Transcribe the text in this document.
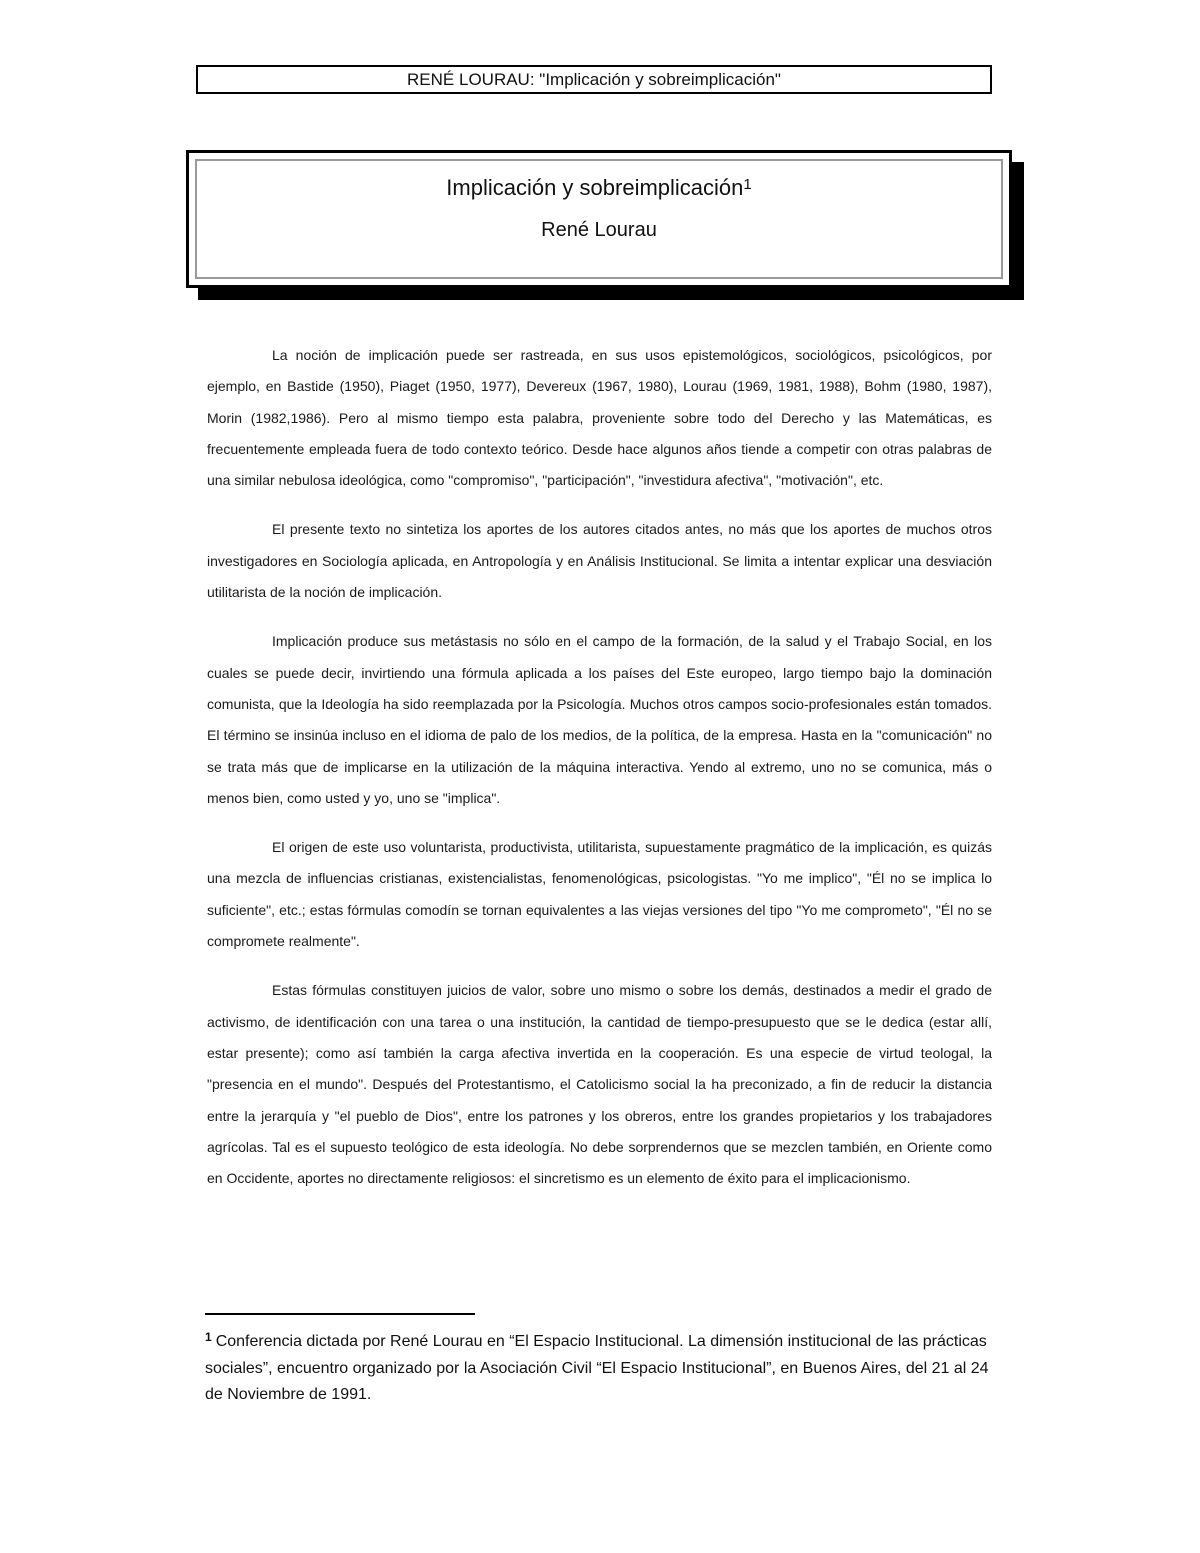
RENÉ LOURAU: "Implicación y sobreimplicación"
Implicación y sobreimplicación$^1$
René Lourau

La noción de implicación puede ser rastreada, en sus usos epistemológicos, sociológicos, psicológicos, por ejemplo, en Bastide (1950), Piaget (1950, 1977), Devereux (1967, 1980), Lourau (1969, 1981, 1988), Bohm (1980, 1987), Morin (1982,1986). Pero al mismo tiempo esta palabra, proveniente sobre todo del Derecho y las Matemáticas, es frecuentemente empleada fuera de todo contexto teórico. Desde hace algunos años tiende a competir con otras palabras de una similar nebulosa ideológica, como "compromiso", "participación", "investidura afectiva", "motivación", etc.

El presente texto no sintetiza los aportes de los autores citados antes, no más que los aportes de muchos otros investigadores en Sociología aplicada, en Antropología y en Análisis Institucional. Se limita a intentar explicar una desviación utilitarista de la noción de implicación.

Implicación produce sus metástasis no sólo en el campo de la formación, de la salud y el Trabajo Social, en los cuales se puede decir, invirtiendo una fórmula aplicada a los países del Este europeo, largo tiempo bajo la dominación comunista, que la Ideología ha sido reemplazada por la Psicología. Muchos otros campos socio-profesionales están tomados. El término se insinúa incluso en el idioma de palo de los medios, de la política, de la empresa. Hasta en la "comunicación" no se trata más que de implicarse en la utilización de la máquina interactiva. Yendo al extremo, uno no se comunica, más o menos bien, como usted y yo, uno se "implica".

El origen de este uso voluntarista, productivista, utilitarista, supuestamente pragmático de la implicación, es quizás una mezcla de influencias cristianas, existencialistas, fenomenológicas, psicologistas. "Yo me implico", "Él no se implica lo suficiente", etc.; estas fórmulas comodín se tornan equivalentes a las viejas versiones del tipo "Yo me comprometo", "Él no se compromete realmente".

Estas fórmulas constituyen juicios de valor, sobre uno mismo o sobre los demás, destinados a medir el grado de activismo, de identificación con una tarea o una institución, la cantidad de tiempo-presupuesto que se le dedica (estar allí, estar presente); como así también la carga afectiva invertida en la cooperación. Es una especie de virtud teologal, la "presencia en el mundo". Después del Protestantismo, el Catolicismo social la ha preconizado, a fin de reducir la distancia entre la jerarquía y "el pueblo de Dios", entre los patrones y los obreros, entre los grandes propietarios y los trabajadores agrícolas. Tal es el supuesto teológico de esta ideología. No debe sorprendernos que se mezclen también, en Oriente como en Occidente, aportes no directamente religiosos: el sincretismo es un elemento de éxito para el implicacionismo.

$^1$ Conferencia dictada por René Lourau en “El Espacio Institucional. La dimensión institucional de las prácticas sociales”, encuentro organizado por la Asociación Civil “El Espacio Institucional”, en Buenos Aires, del 21 al 24 de Noviembre de 1991.
